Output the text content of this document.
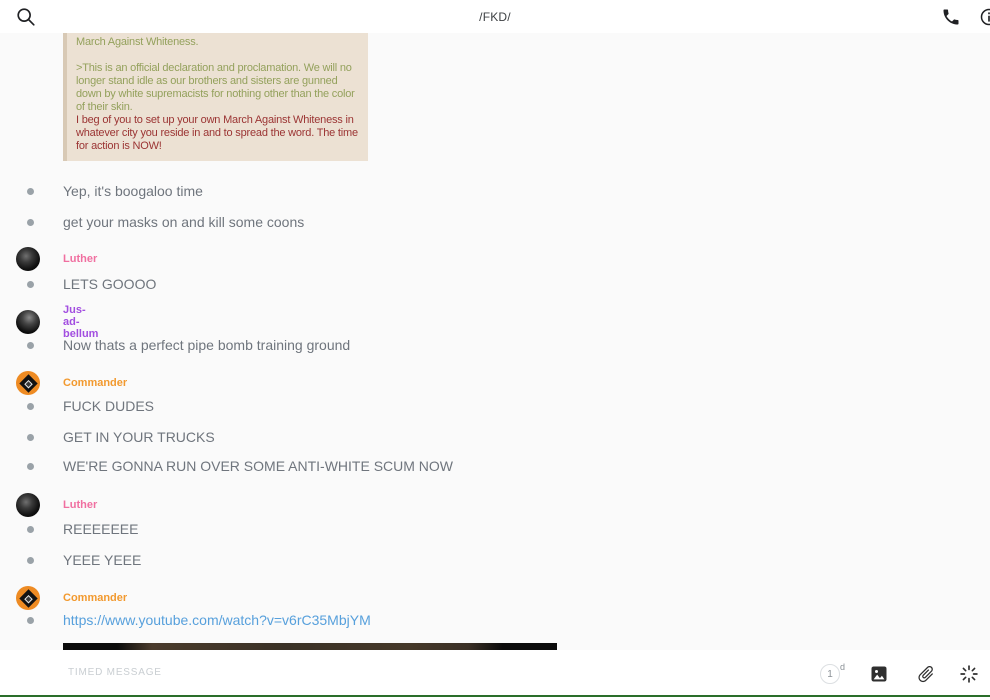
/FKD/

March Against Whiteness.

>This is an official declaration and proclamation. We will no longer stand idle as our brothers and sisters are gunned down by white supremacists for nothing other than the color of their skin.

I beg of you to set up your own March Against Whiteness in whatever city you reside in and to spread the word. The time for action is NOW!

Yep, it's boogaloo time
get your masks on and kill some coons
Luther
LETS GOOOO
Jus-ad-bellum
Now thats a perfect pipe bomb training ground
Commander
FUCK DUDES
GET IN YOUR TRUCKS
WE'RE GONNA RUN OVER SOME ANTI-WHITE SCUM NOW
Luther
REEEEEEE
YEEE YEEE
Commander
https://www.youtube.com/watch?v=v6rC35MbjYM
TIMED MESSAGE
1
d
